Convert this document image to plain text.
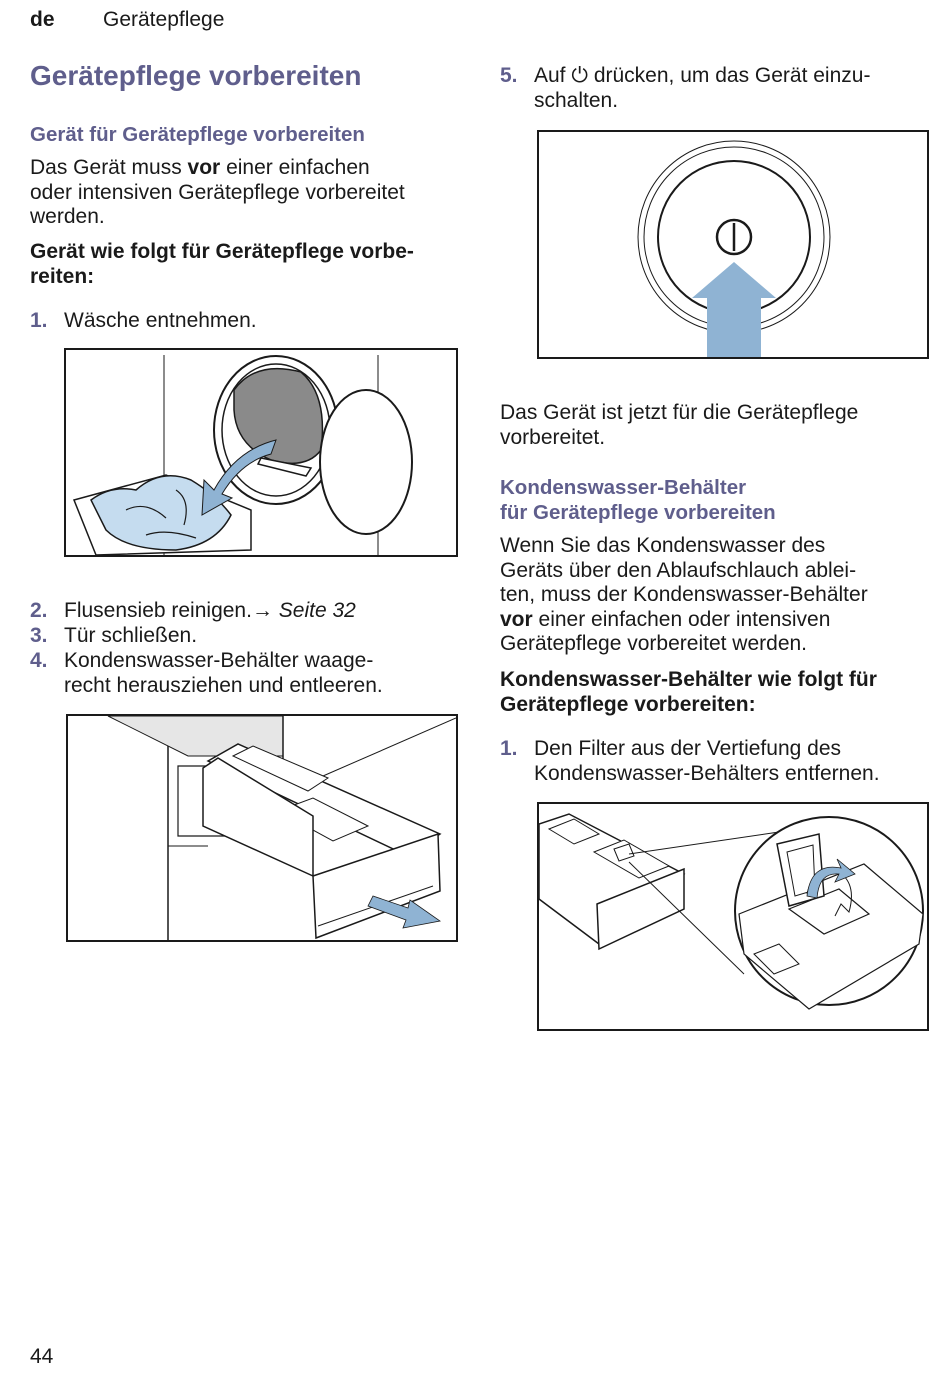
de Gerätepflege
Gerätepflege vorbereiten
Gerät für Gerätepflege vorbereiten
Das Gerät muss vor einer einfachen
oder intensiven Gerätepflege vorbereitet
werden.
Gerät wie folgt für Gerätepflege vorbe-
reiten:
1. Wäsche entnehmen.
2. Flusensieb reinigen.→ Seite 32
3. Tür schließen.
4. Kondenswasser-Behälter waage-
recht herausziehen und entleeren.
5. Auf ⏻ drücken, um das Gerät einzu-
schalten.
Das Gerät ist jetzt für die Gerätepflege
vorbereitet.
Kondenswasser-Behälter
für Gerätepflege vorbereiten
Wenn Sie das Kondenswasser des
Geräts über den Ablaufschlauch ablei-
ten, muss der Kondenswasser-Behälter
vor einer einfachen oder intensiven
Gerätepflege vorbereitet werden.
Kondenswasser-Behälter wie folgt für
Gerätepflege vorbereiten:
1. Den Filter aus der Vertiefung des
Kondenswasser-Behälters entfernen.
44
